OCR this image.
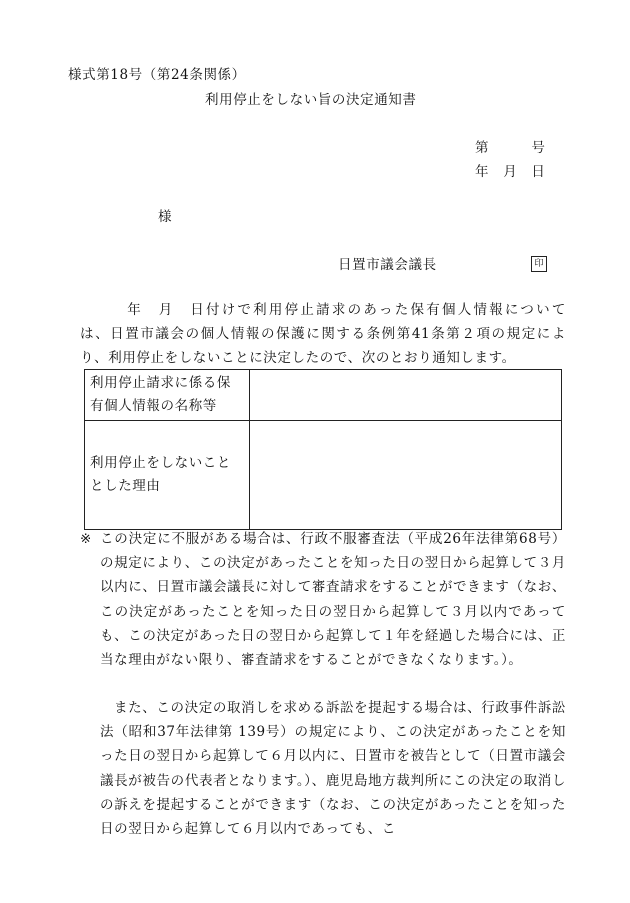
様式第18号（第24条関係）
利用停止をしない旨の決定通知書
第　　　号
年　月　日
様
日置市議会議長	印
　　　年　月　日付けで利用停止請求のあった保有個人情報について
は、日置市議会の個人情報の保護に関する条例第41条第２項の規定によ
り、利用停止をしないことに決定したので、次のとおり通知します。
利用停止請求に係る保
有個人情報の名称等	

利用停止をしないこと
とした理由	

※ この決定に不服がある場合は、行政不服審査法（平成26年法律第68号）の規定により、この決定があったことを知った日の翌日から起算して３月以内に、日置市議会議長に対して審査請求をすることができます（なお、この決定があったことを知った日の翌日から起算して３月以内であっても、この決定があった日の翌日から起算して１年を経過した場合には、正当な理由がない限り、審査請求をすることができなくなります。）。
また、この決定の取消しを求める訴訟を提起する場合は、行政事件訴訟法（昭和37年法律第 139号）の規定により、この決定があったことを知った日の翌日から起算して６月以内に、日置市を被告として（日置市議会議長が被告の代表者となります。）、鹿児島地方裁判所にこの決定の取消しの訴えを提起することができます（なお、この決定があったことを知った日の翌日から起算して６月以内であっても、こ
